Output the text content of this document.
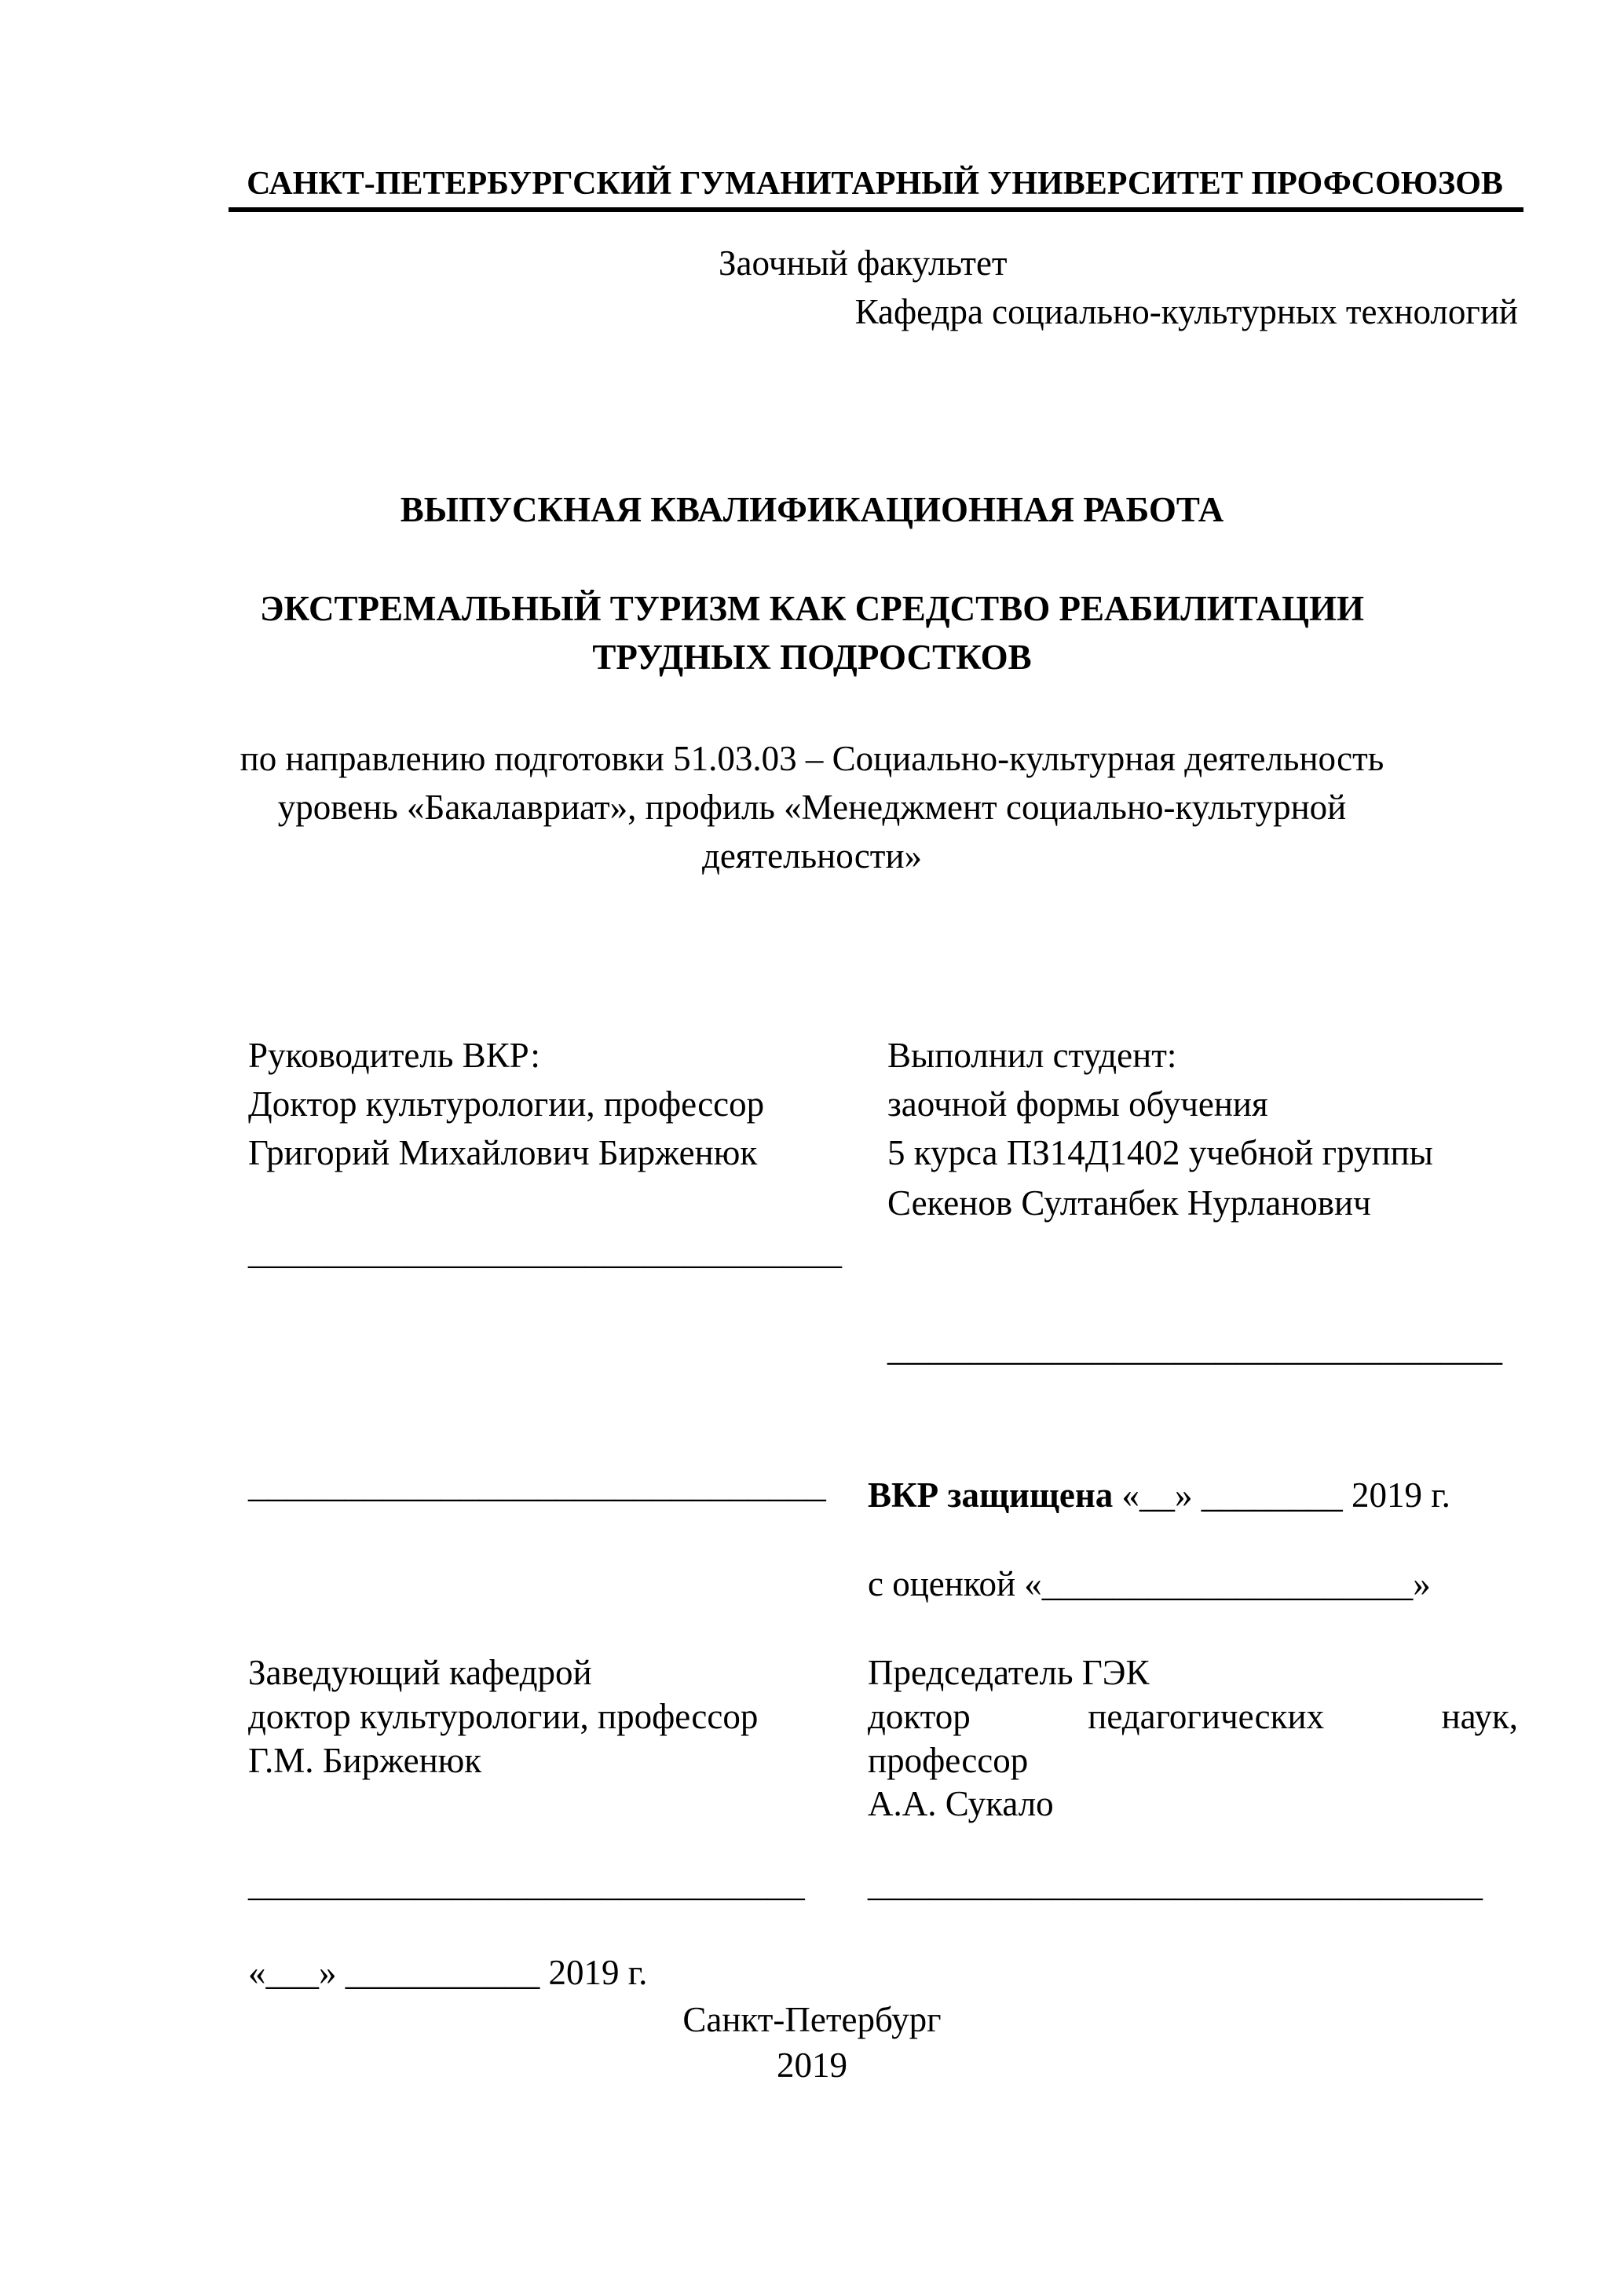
САНКТ-ПЕТЕРБУРГСКИЙ ГУМАНИТАРНЫЙ УНИВЕРСИТЕТ ПРОФСОЮЗОВ
Заочный факультет
Кафедра социально-культурных технологий
ВЫПУСКНАЯ КВАЛИФИКАЦИОННАЯ РАБОТА
ЭКСТРЕМАЛЬНЫЙ ТУРИЗМ КАК СРЕДСТВО РЕАБИЛИТАЦИИ
ТРУДНЫХ ПОДРОСТКОВ
по направлению подготовки 51.03.03 – Социально-культурная деятельность
уровень «Бакалавриат», профиль «Менеджмент социально-культурной
деятельности»
Руководитель ВКР:
Доктор культурологии, профессор
Григорий Михайлович Бирженюк
______________________________
Выполнил студент:
заочной формы обучения
5 курса ПЗ14Д1402 учебной группы
Секенов Султанбек Нурланович
______________________________
______________________________ ВКР защищена «__» ________ 2019 г.
с оценкой «_____________________»
Заведующий кафедрой
доктор культурологии, профессор
Г.М. Бирженюк
______________________________
Председатель ГЭК
доктор педагогических наук,
профессор
А.А. Сукало
______________________________
«___» ___________ 2019 г.
Санкт-Петербург
2019
